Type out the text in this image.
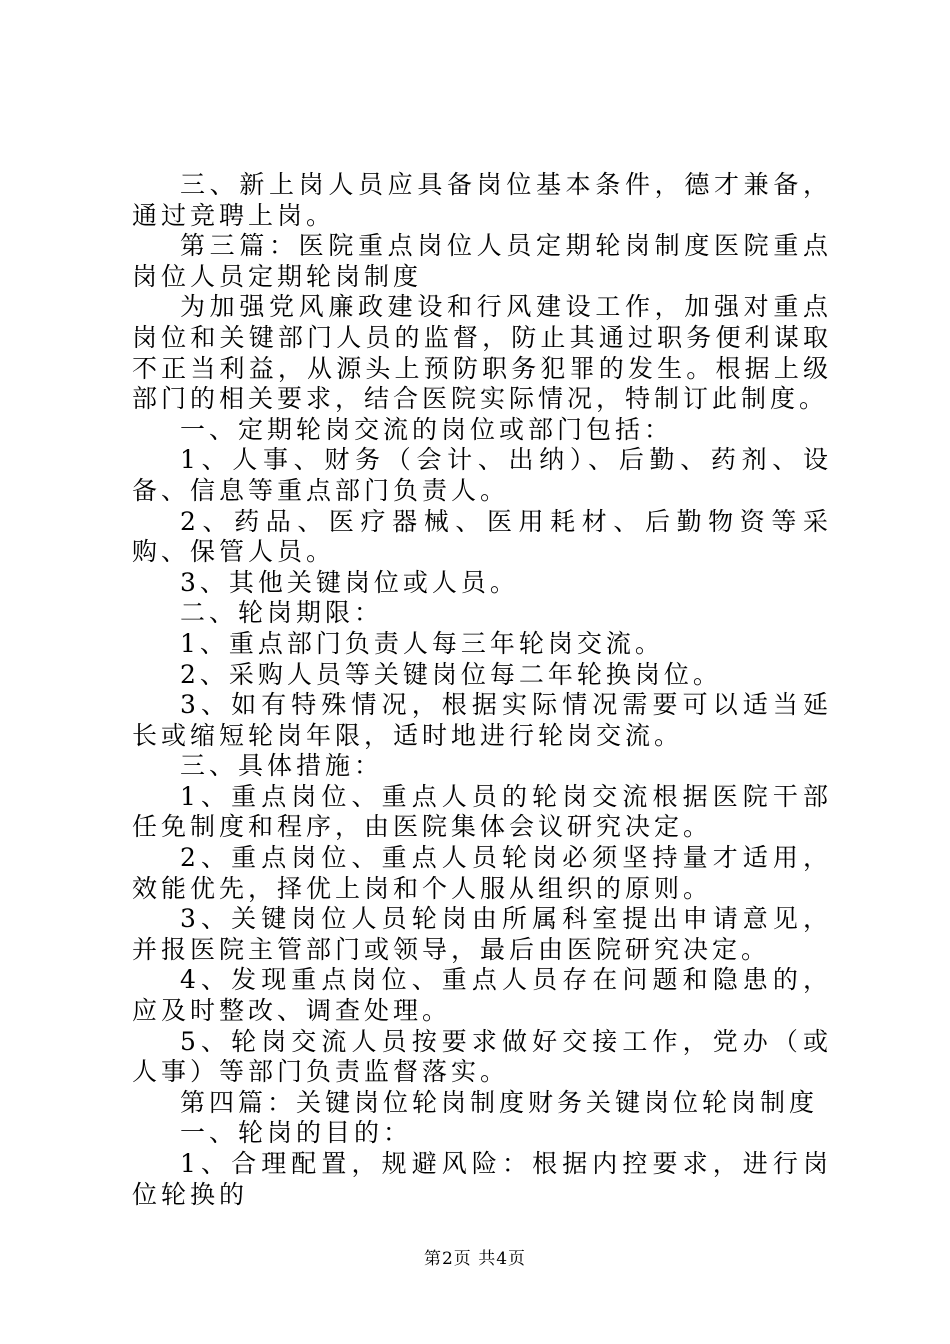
三、新上岗人员应具备岗位基本条件，德才兼备，通过竞聘上岗。

第三篇：医院重点岗位人员定期轮岗制度医院重点岗位人员定期轮岗制度

为加强党风廉政建设和行风建设工作，加强对重点岗位和关键部门人员的监督，防止其通过职务便利谋取不正当利益，从源头上预防职务犯罪的发生。根据上级部门的相关要求，结合医院实际情况，特制订此制度。

一、定期轮岗交流的岗位或部门包括：

1、人事、财务（会计、出纳）、后勤、药剂、设备、信息等重点部门负责人。

2、药品、医疗器械、医用耗材、后勤物资等采购、保管人员。

3、其他关键岗位或人员。

二、轮岗期限：

1、重点部门负责人每三年轮岗交流。

2、采购人员等关键岗位每二年轮换岗位。

3、如有特殊情况，根据实际情况需要可以适当延长或缩短轮岗年限，适时地进行轮岗交流。

三、具体措施：

1、重点岗位、重点人员的轮岗交流根据医院干部任免制度和程序，由医院集体会议研究决定。

2、重点岗位、重点人员轮岗必须坚持量才适用，效能优先，择优上岗和个人服从组织的原则。

3、关键岗位人员轮岗由所属科室提出申请意见，并报医院主管部门或领导，最后由医院研究决定。

4、发现重点岗位、重点人员存在问题和隐患的，应及时整改、调查处理。

5、轮岗交流人员按要求做好交接工作，党办（或人事）等部门负责监督落实。

第四篇：关键岗位轮岗制度财务关键岗位轮岗制度

一、轮岗的目的：

1、合理配置，规避风险：根据内控要求，进行岗位轮换的

第2页 共4页
